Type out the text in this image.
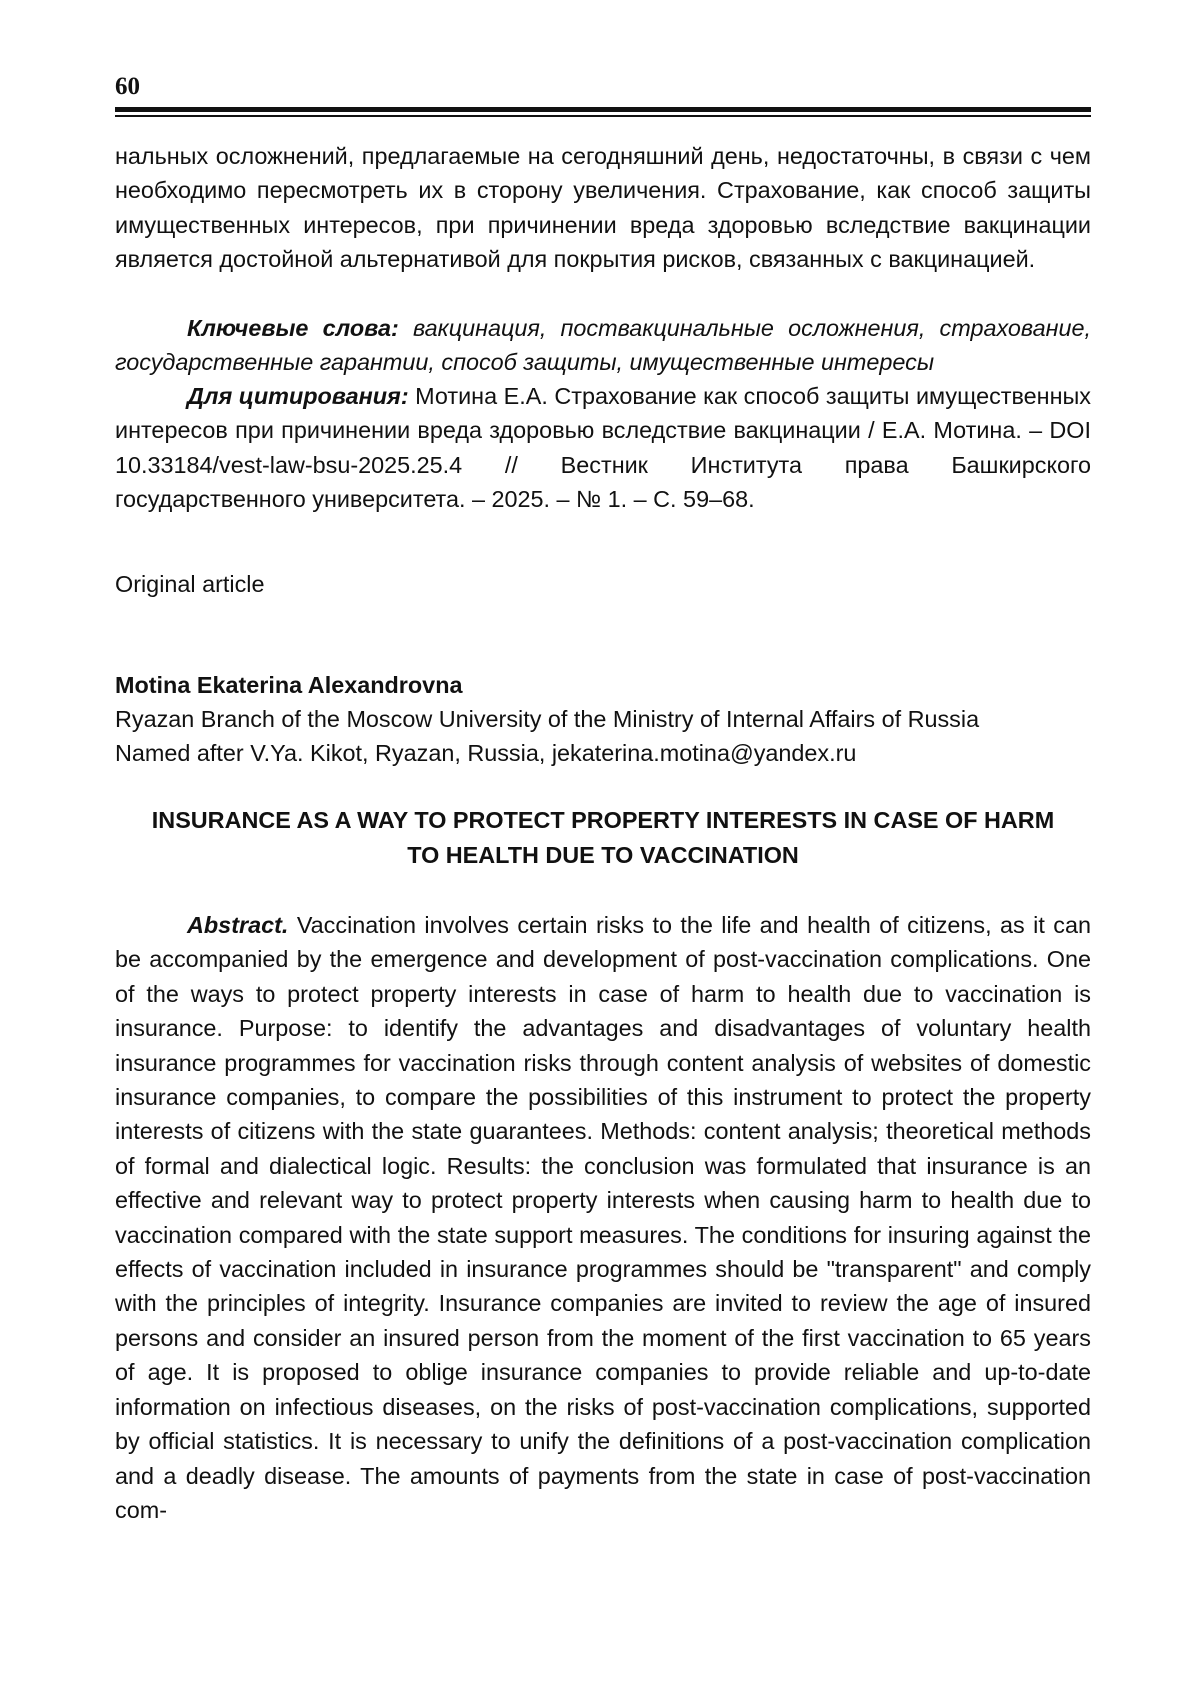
60
нальных осложнений, предлагаемые на сегодняшний день, недостаточны, в связи с чем необходимо пересмотреть их в сторону увеличения. Страхование, как способ защиты имущественных интересов, при причинении вреда здоровью вследствие вакцинации является достойной альтернативой для покрытия рисков, связанных с вакцинацией.
Ключевые слова: вакцинация, поствакцинальные осложнения, страхование, государственные гарантии, способ защиты, имущественные интересы
Для цитирования: Мотина Е.А. Страхование как способ защиты имущественных интересов при причинении вреда здоровью вследствие вакцинации / Е.А. Мотина. – DOI 10.33184/vest-law-bsu-2025.25.4 // Вестник Института права Башкирского государственного университета. – 2025. – № 1. – С. 59–68.
Original article
Motina Ekaterina Alexandrovna
Ryazan Branch of the Moscow University of the Ministry of Internal Affairs of Russia
Named after V.Ya. Kikot, Ryazan, Russia, jekaterina.motina@yandex.ru
INSURANCE AS A WAY TO PROTECT PROPERTY INTERESTS IN CASE OF HARM
TO HEALTH DUE TO VACCINATION
Abstract. Vaccination involves certain risks to the life and health of citizens, as it can be accompanied by the emergence and development of post-vaccination complications. One of the ways to protect property interests in case of harm to health due to vaccination is insurance. Purpose: to identify the advantages and disadvantages of voluntary health insurance programmes for vaccination risks through content analysis of websites of domestic insurance companies, to compare the possibilities of this instrument to protect the property interests of citizens with the state guarantees. Methods: content analysis; theoretical methods of formal and dialectical logic. Results: the conclusion was formulated that insurance is an effective and relevant way to protect property interests when causing harm to health due to vaccination compared with the state support measures. The conditions for insuring against the effects of vaccination included in insurance programmes should be "transparent" and comply with the principles of integrity. Insurance companies are invited to review the age of insured persons and consider an insured person from the moment of the first vaccination to 65 years of age. It is proposed to oblige insurance companies to provide reliable and up-to-date information on infectious diseases, on the risks of post-vaccination complications, supported by official statistics. It is necessary to unify the definitions of a post-vaccination complication and a deadly disease. The amounts of payments from the state in case of post-vaccination com-
